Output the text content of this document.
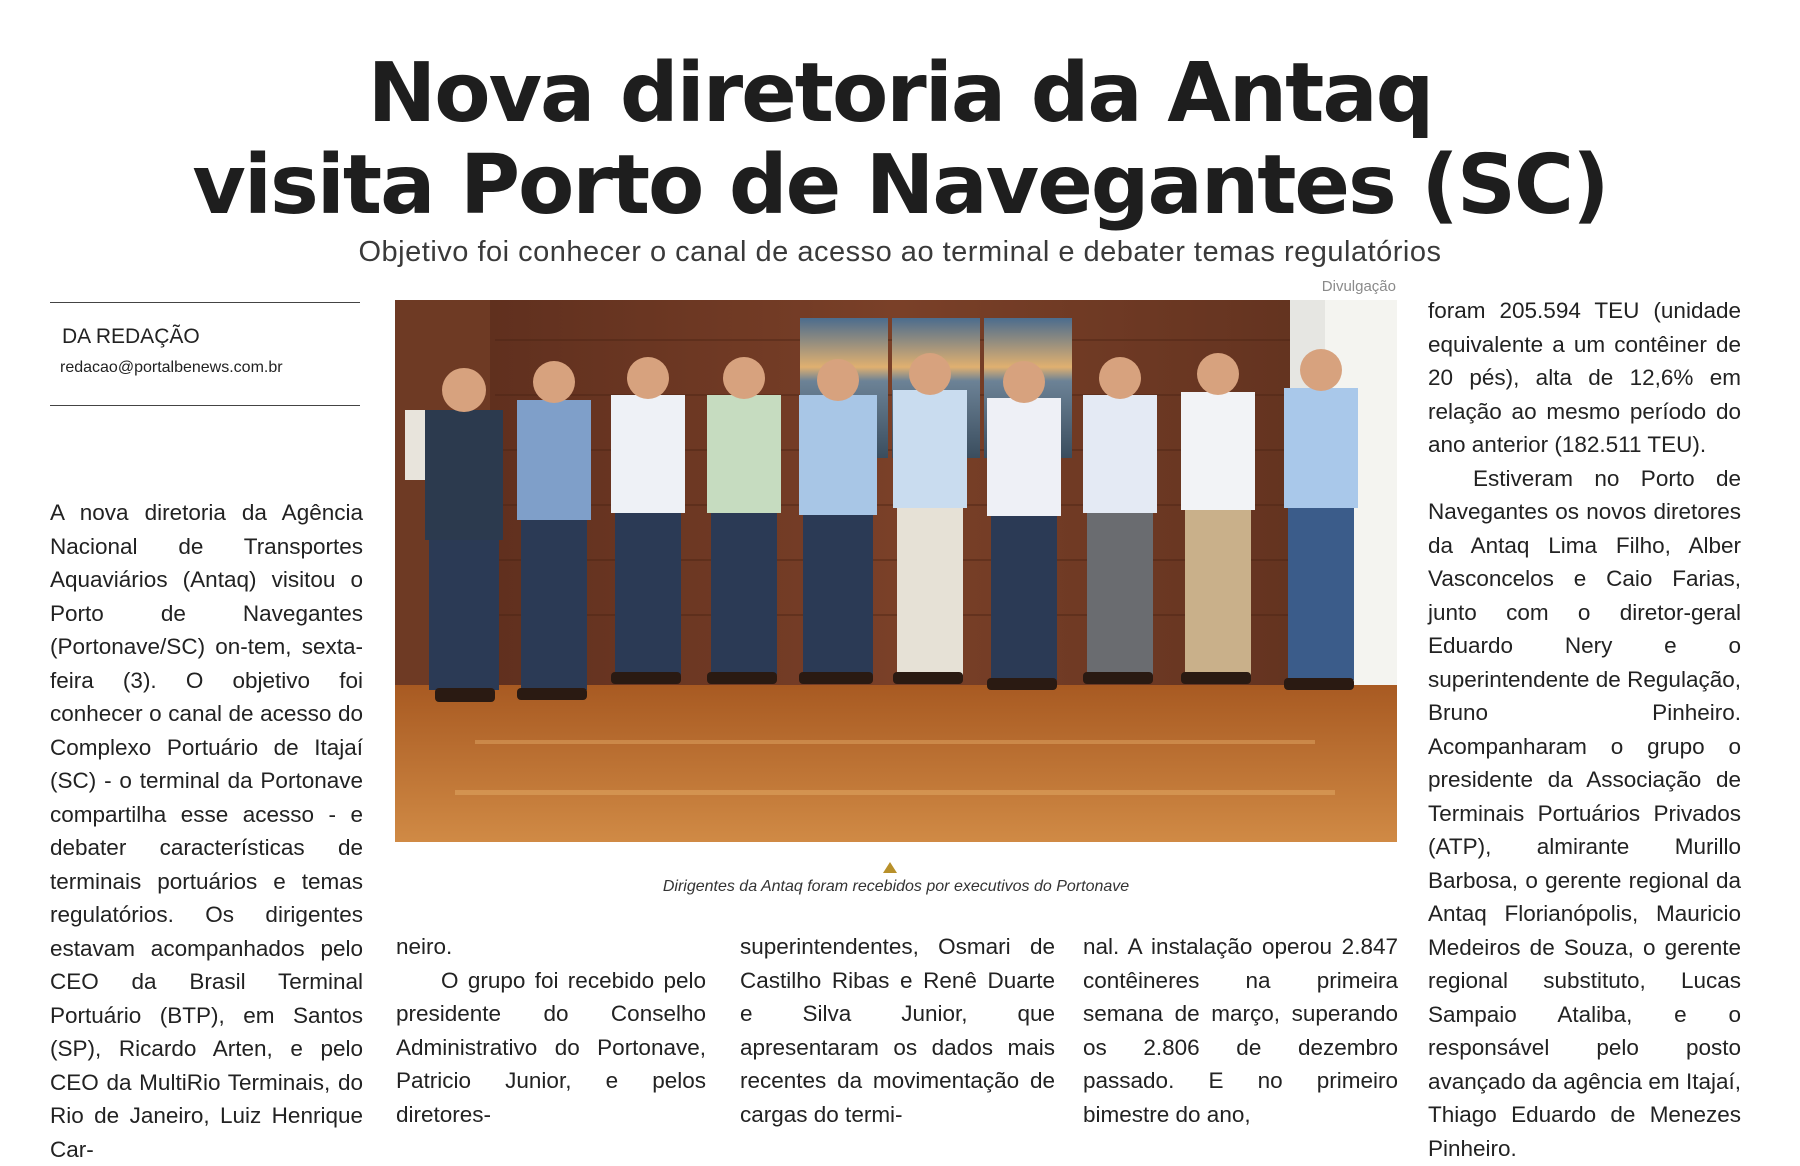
Nova diretoria da Antaq
visita Porto de Navegantes (SC)
Objetivo foi conhecer o canal de acesso ao terminal e debater temas regulatórios
Divulgação
DA REDAÇÃO
redacao@portalbenews.com.br

A nova diretoria da Agência Nacional de Transportes Aquaviários (Antaq) visitou o Porto de Navegantes (Portonave/SC) on-tem, sexta-feira (3). O objetivo foi conhecer o canal de acesso do Complexo Portuário de Itajaí (SC) - o terminal da Portonave compartilha esse acesso - e debater características de terminais portuários e temas regulatórios. Os dirigentes estavam acompanhados pelo CEO da Brasil Terminal Portuário (BTP), em Santos (SP), Ricardo Arten, e pelo CEO da MultiRio Terminais, do Rio de Janeiro, Luiz Henrique Car-

Dirigentes da Antaq foram recebidos por executivos do Portonave

neiro.

O grupo foi recebido pelo presidente do Conselho Administrativo do Portonave, Patricio Junior, e pelos diretores-

superintendentes, Osmari de Castilho Ribas e Renê Duarte e Silva Junior, que apresentaram os dados mais recentes da movimentação de cargas do termi-

nal. A instalação operou 2.847 contêineres na primeira semana de março, superando os 2.806 de dezembro passado. E no primeiro bimestre do ano,

foram 205.594 TEU (unidade equivalente a um contêiner de 20 pés), alta de 12,6% em relação ao mesmo período do ano anterior (182.511 TEU).

Estiveram no Porto de Navegantes os novos diretores da Antaq Lima Filho, Alber Vasconcelos e Caio Farias, junto com o diretor-geral Eduardo Nery e o superintendente de Regulação, Bruno Pinheiro. Acompanharam o grupo o presidente da Associação de Terminais Portuários Privados (ATP), almirante Murillo Barbosa, o gerente regional da Antaq Florianópolis, Mauricio Medeiros de Souza, o gerente regional substituto, Lucas Sampaio Ataliba, e o responsável pelo posto avançado da agência em Itajaí, Thiago Eduardo de Menezes Pinheiro.
